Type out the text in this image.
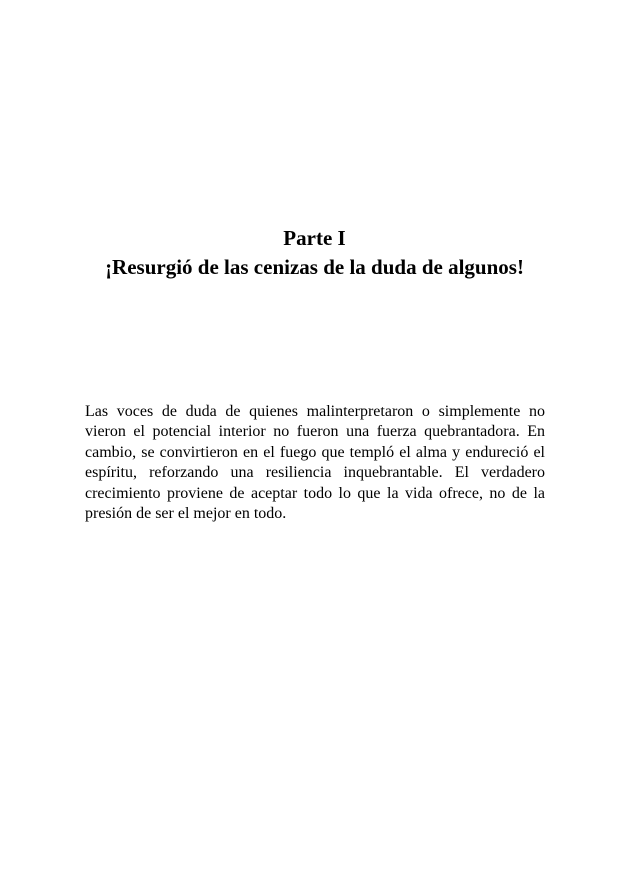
Parte I
¡Resurgió de las cenizas de la duda de algunos!

Las voces de duda de quienes malinterpretaron o simplemente no vieron el potencial interior no fueron una fuerza quebrantadora. En cambio, se convirtieron en el fuego que templó el alma y endureció el espíritu, reforzando una resiliencia inquebrantable. El verdadero crecimiento proviene de aceptar todo lo que la vida ofrece, no de la presión de ser el mejor en todo.
